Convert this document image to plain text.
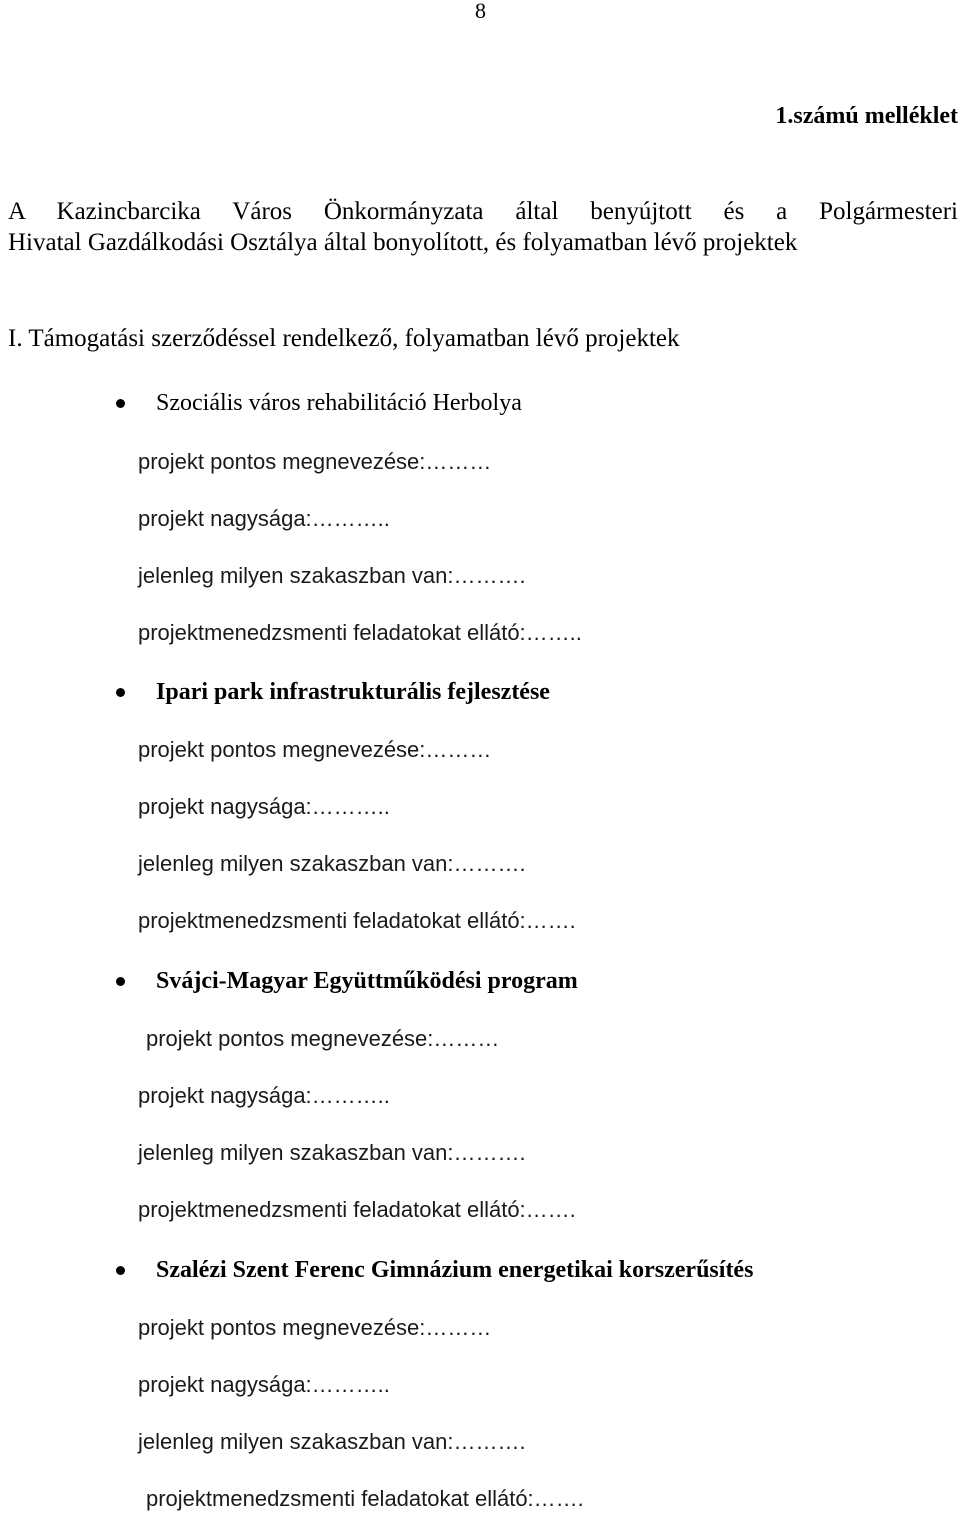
8
1.számú melléklet
A Kazincbarcika Város Önkormányzata által benyújtott és a Polgármesteri
Hivatal Gazdálkodási Osztálya által bonyolított, és folyamatban lévő projektek
I. Támogatási szerződéssel rendelkező, folyamatban lévő projektek
Szociális város rehabilitáció Herbolya
projekt pontos megnevezése:………
projekt nagysága:………..
jelenleg milyen szakaszban van:……….
projektmenedzsmenti feladatokat ellátó:……..
Ipari park infrastrukturális fejlesztése
projekt pontos megnevezése:………
projekt nagysága:………..
jelenleg milyen szakaszban van:……….
projektmenedzsmenti feladatokat ellátó:…….
Svájci-Magyar Együttműködési program
projekt pontos megnevezése:………
projekt nagysága:………..
jelenleg milyen szakaszban van:……….
projektmenedzsmenti feladatokat ellátó:…….
Szalézi Szent Ferenc Gimnázium energetikai korszerűsítés
projekt pontos megnevezése:………
projekt nagysága:………..
jelenleg milyen szakaszban van:……….
projektmenedzsmenti feladatokat ellátó:…….
